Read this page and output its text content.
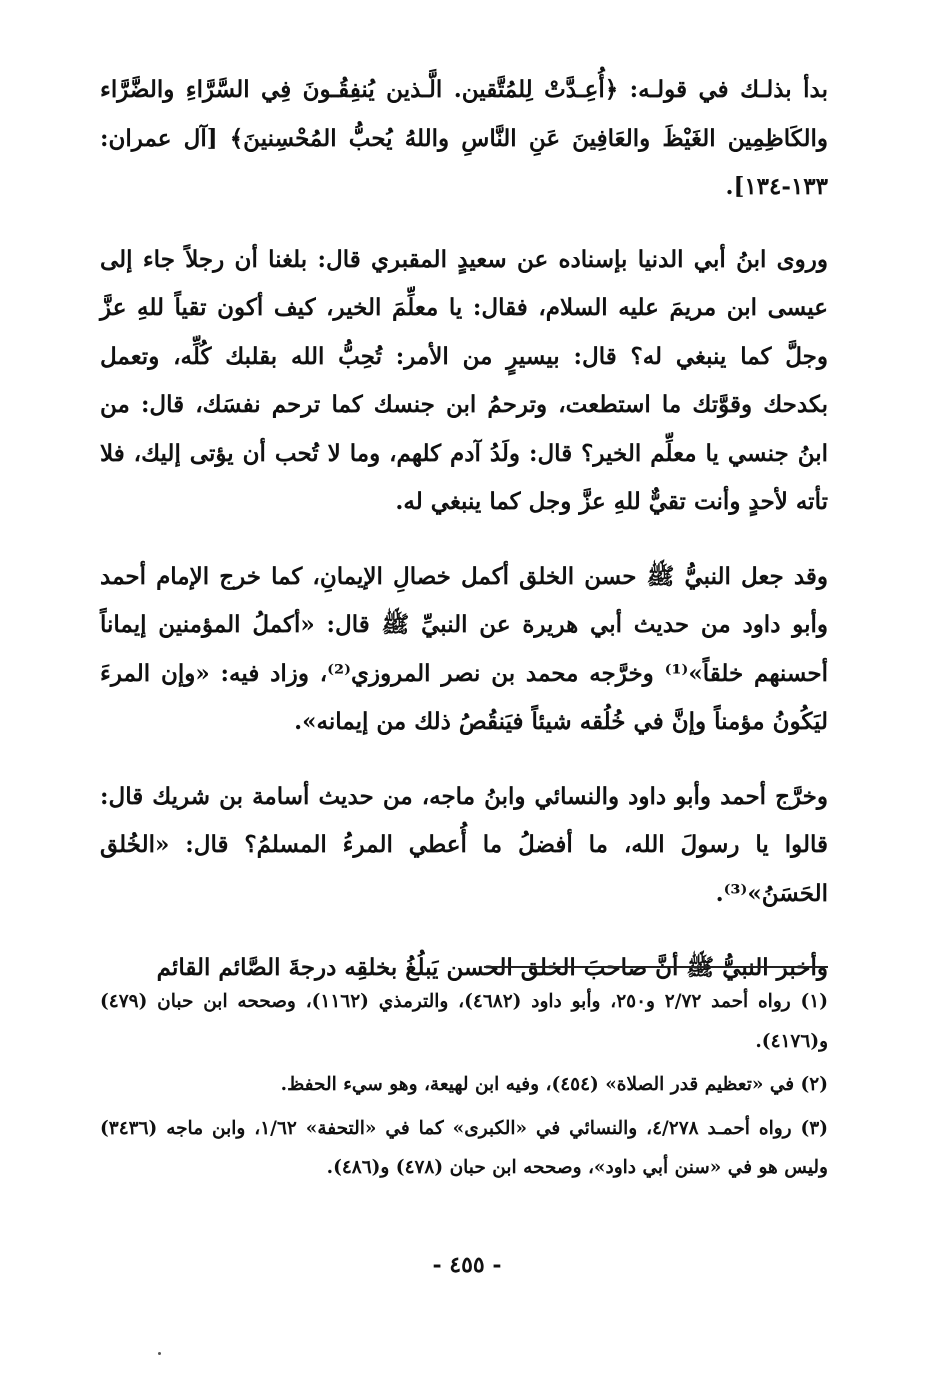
بدأ بذلـك في قولـه: ﴿أُعِـدَّتْ لِلمُتَّقين. الَّـذين يُنفِقُـونَ فِي السَّرَّاءِ والضَّرَّاء والكَاظِمِين الغَيْظَ والعَافِينَ عَنِ النَّاسِ واللهُ يُحبُّ المُحْسِنينَ﴾ [آل عمران: ١٣٣-١٣٤].

وروى ابنُ أبي الدنيا بإسناده عن سعيدٍ المقبري قال: بلغنا أن رجلاً جاء إلى عيسى ابن مريمَ عليه السلام، فقال: يا معلِّمَ الخير، كيف أكون تقياً للهِ عزَّ وجلَّ كما ينبغي له؟ قال: بيسيرٍ من الأمر: تُحِبُّ الله بقلبك كُلِّه، وتعمل بكدحك وقوَّتك ما استطعت، وترحمُ ابن جنسك كما ترحم نفسَك، قال: من ابنُ جنسي يا معلِّم الخير؟ قال: ولَدُ آدم كلهم، وما لا تُحب أن يؤتى إليك، فلا تأته لأحدٍ وأنت تقيٌّ للهِ عزَّ وجل كما ينبغي له.

وقد جعل النبيُّ ﷺ حسن الخلق أكمل خصالِ الإيمانِ، كما خرج الإمام أحمد وأبو داود من حديث أبي هريرة عن النبيِّ ﷺ قال: «أكملُ المؤمنين إيماناً أحسنهم خلقاً»⁽¹⁾ وخرَّجه محمد بن نصر المروزي⁽²⁾، وزاد فيه: «وإن المرءَ ليَكُونُ مؤمناً وإنَّ في خُلُقه شيئاً فيَنقُصُ ذلك من إيمانه».

وخرَّج أحمد وأبو داود والنسائي وابنُ ماجه، من حديث أسامة بن شريك قال: قالوا يا رسولَ الله، ما أفضلُ ما أُعطي المرءُ المسلمُ؟ قال: «الخُلق الحَسَنُ»⁽³⁾.

وأخبر النبيُّ ﷺ أنَّ صاحبَ الخلق الحسن يَبلُغُ بخلقِه درجةَ الصَّائم القائم

(١) رواه أحمد ٢/٧٢ و٢٥٠، وأبو داود (٤٦٨٢)، والترمذي (١١٦٢)، وصححه ابن حبان (٤٧٩) و(٤١٧٦).

(٢) في «تعظيم قدر الصلاة» (٤٥٤)، وفيه ابن لهيعة، وهو سيء الحفظ.

(٣) رواه أحمـد ٤/٢٧٨، والنسائي في «الكبرى» كما في «التحفة» ١/٦٢، وابن ماجه (٣٤٣٦) وليس هو في «سنن أبي داود»، وصححه ابن حبان (٤٧٨) و(٤٨٦).

- ٤٥٥ -
